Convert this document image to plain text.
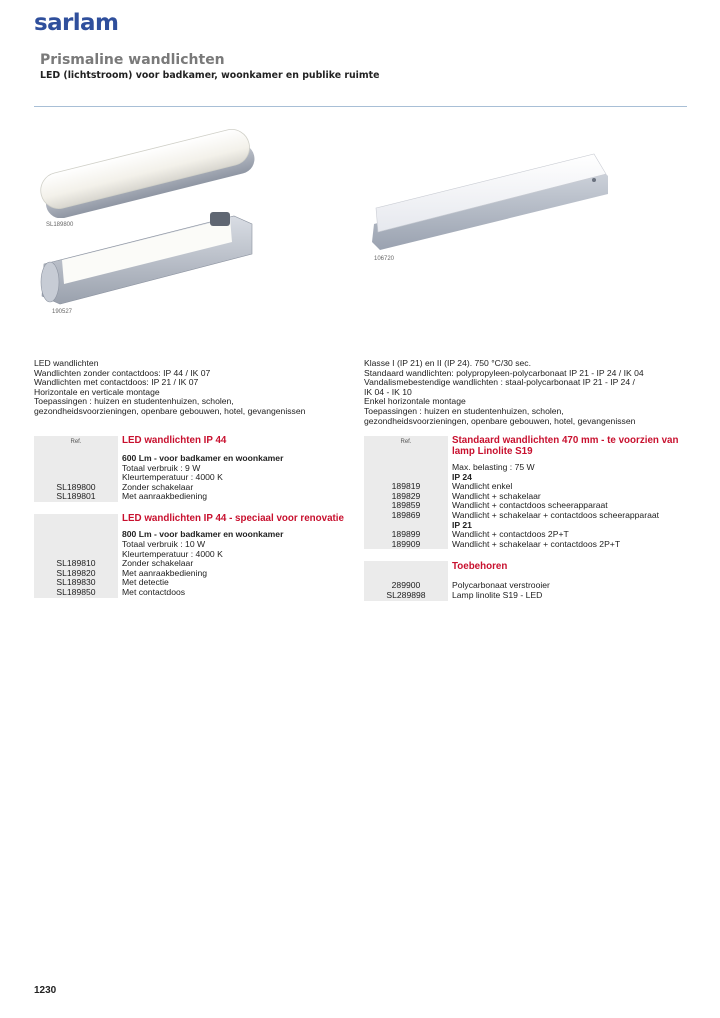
sarlam
Prismaline wandlichten
LED (lichtstroom) voor badkamer, woonkamer en publike ruimte
SL189800
190527
106720
LED wandlichten
Wandlichten zonder contactdoos: IP 44 / IK 07
Wandlichten met contactdoos: IP 21 / IK 07
Horizontale en verticale montage
Toepassingen : huizen en studentenhuizen, scholen,
gezondheidsvoorzieningen, openbare gebouwen, hotel, gevangenissen
Klasse I (IP 21) en II (IP 24). 750 °C/30 sec.
Standaard wandlichten: polypropyleen-polycarbonaat IP 21 - IP 24 / IK 04
Vandalismebestendige wandlichten : staal-polycarbonaat IP 21 - IP 24 /
IK 04 - IK 10
Enkel horizontale montage
Toepassingen : huizen en studentenhuizen, scholen,
gezondheidsvoorzieningen, openbare gebouwen, hotel, gevangenissen
Ref.	LED wandlichten IP 44
600 Lm - voor badkamer en woonkamer
Totaal verbruik : 9 W
Kleurtemperatuur : 4000 K
SL189800	Zonder schakelaar
SL189801	Met aanraakbediening
LED wandlichten IP 44 - speciaal voor renovatie
800 Lm - voor badkamer en woonkamer
Totaal verbruik : 10 W
Kleurtemperatuur : 4000 K
SL189810	Zonder schakelaar
SL189820	Met aanraakbediening
SL189830	Met detectie
SL189850	Met contactdoos
Ref.	Standaard wandlichten 470 mm - te voorzien van lamp Linolite S19
Max. belasting : 75 W
IP 24
189819	Wandlicht enkel
189829	Wandlicht + schakelaar
189859	Wandlicht + contactdoos scheerapparaat
189869	Wandlicht + schakelaar + contactdoos scheerapparaat
IP 21
189899	Wandlicht + contactdoos 2P+T
189909	Wandlicht + schakelaar + contactdoos 2P+T
Toebehoren
289900	Polycarbonaat verstrooier
SL289898	Lamp linolite S19 - LED
1230
